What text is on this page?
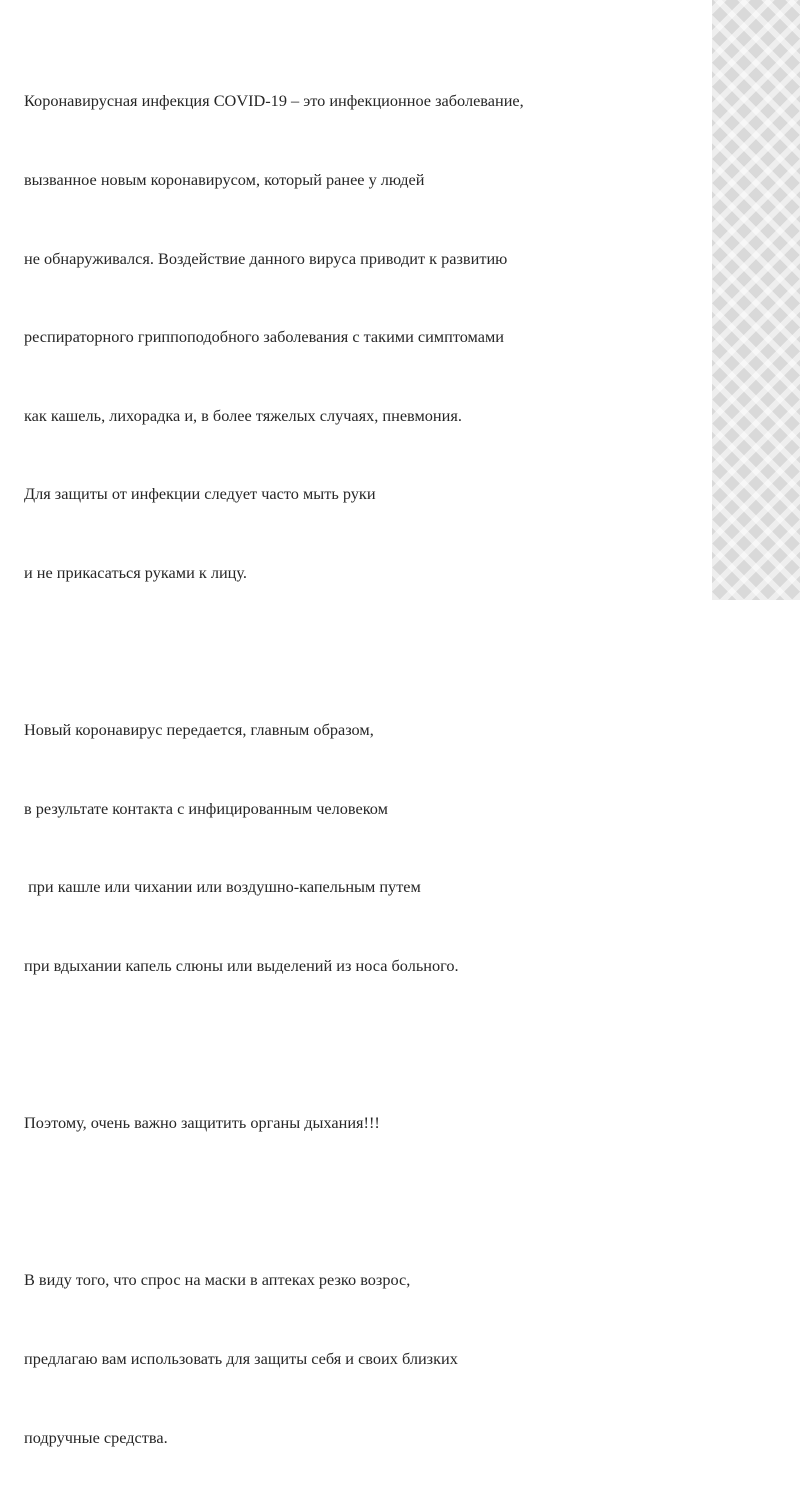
Коронавирусная инфекция COVID-19 – это инфекционное заболевание,

вызванное новым коронавирусом, который ранее у людей

не обнаруживался. Воздействие данного вируса приводит к развитию

респираторного гриппоподобного заболевания с такими симптомами

как кашель, лихорадка и, в более тяжелых случаях, пневмония.

Для защиты от инфекции следует часто мыть руки

и не прикасаться руками к лицу.

Новый коронавирус передается, главным образом,

в результате контакта с инфицированным человеком

при кашле или чихании или воздушно-капельным путем

при вдыхании капель слюны или выделений из носа больного.

Поэтому, очень важно защитить органы дыхания!!!

В виду того, что спрос на маски в аптеках резко возрос,

предлагаю вам использовать для защиты себя и своих близких

подручные средства.
